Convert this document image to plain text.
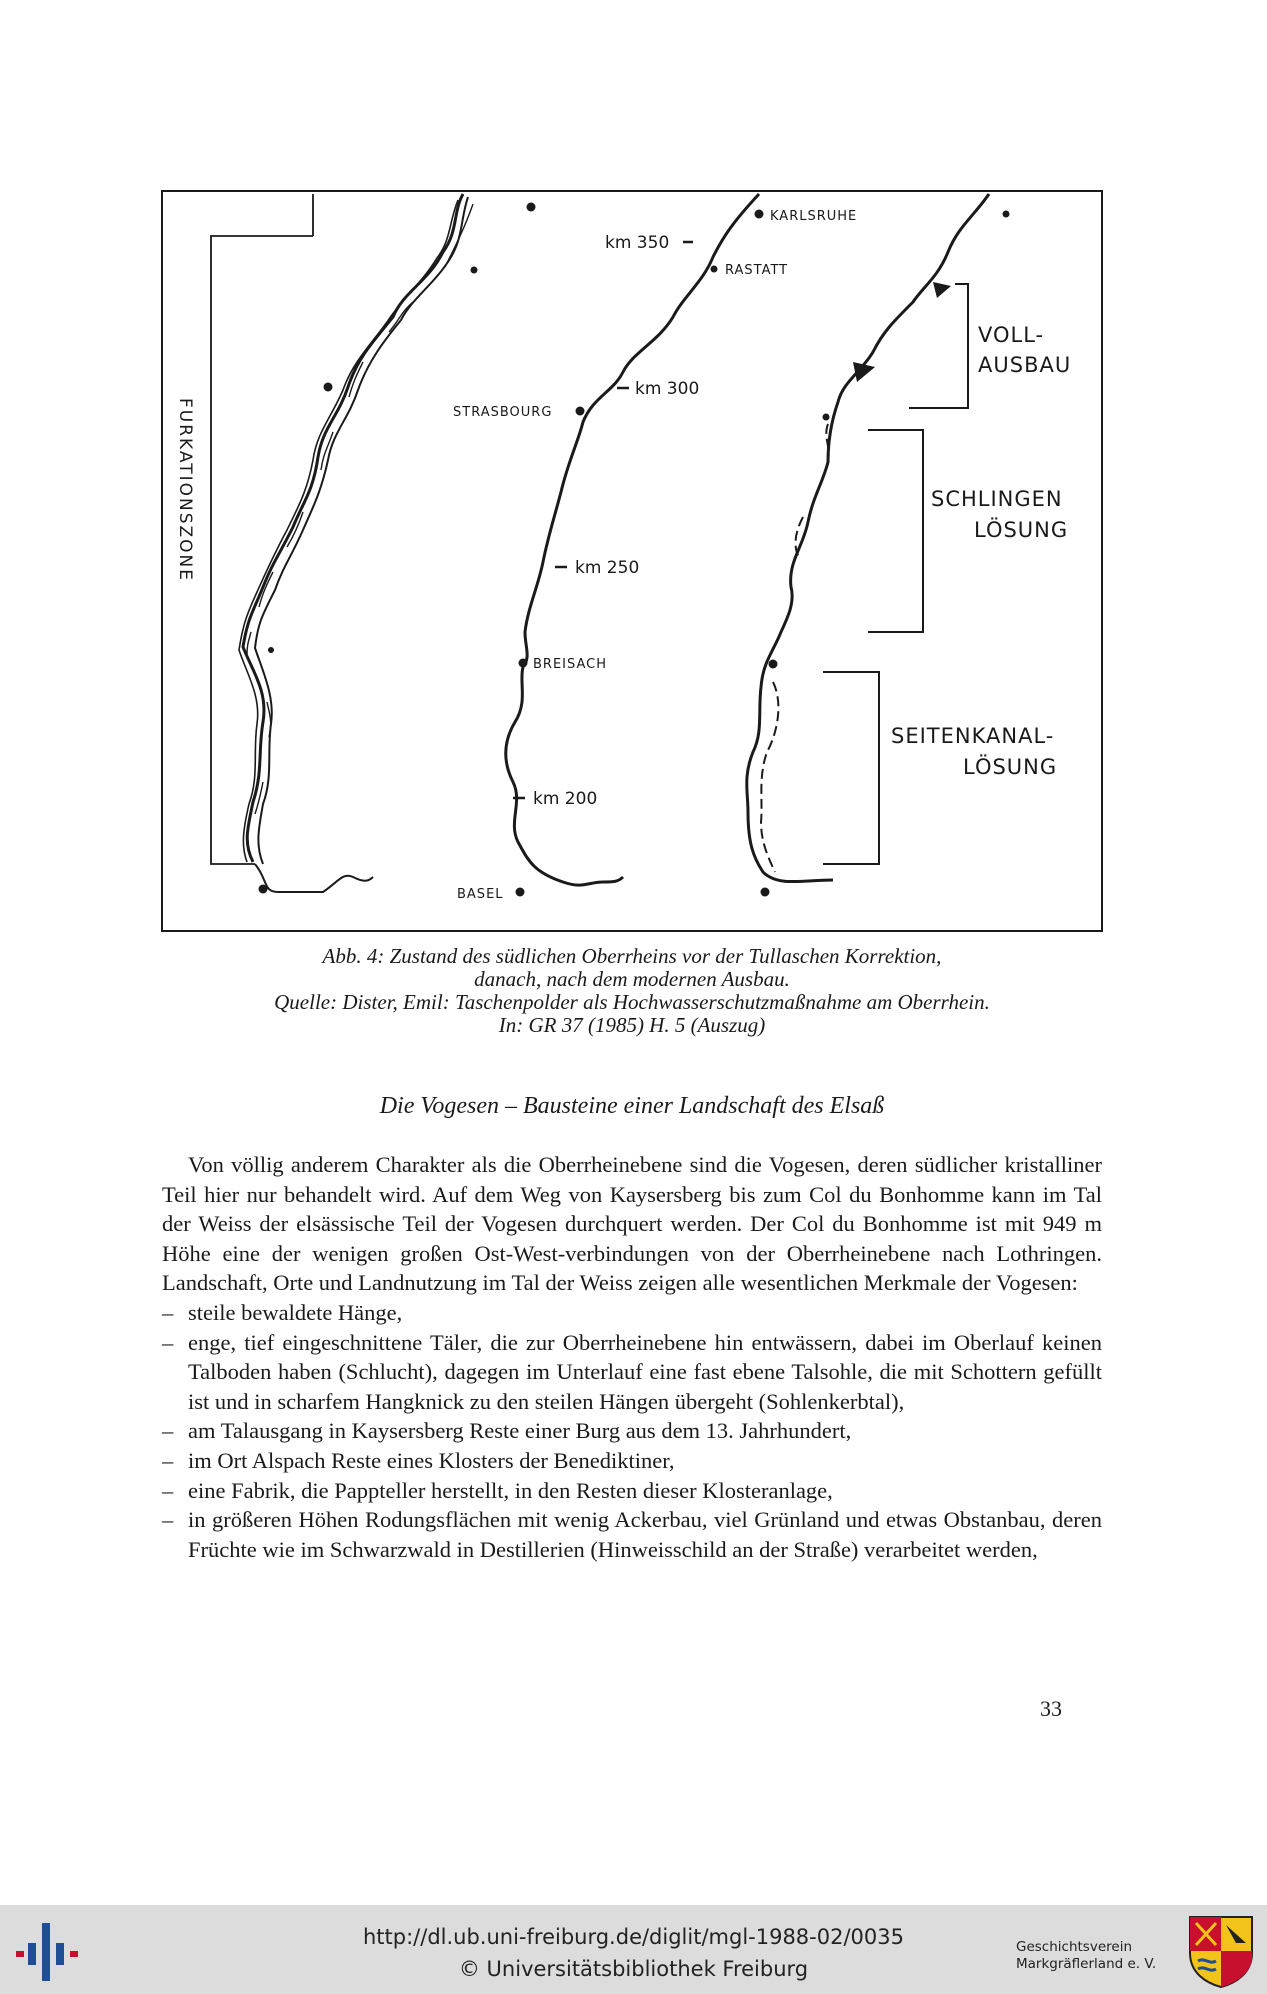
FURKATIONSZONE
km 350
km 300
km 250
km 200
KARLSRUHE
RASTATT
STRASBOURG
BREISACH
BASEL
VOLL-
AUSBAU
SCHLINGEN
LÖSUNG
SEITENKANAL-
LÖSUNG
Abb. 4: Zustand des südlichen Oberrheins vor der Tullaschen Korrektion,
danach, nach dem modernen Ausbau.
Quelle: Dister, Emil: Taschenpolder als Hochwasserschutzmaßnahme am Oberrhein.
In: GR 37 (1985) H. 5 (Auszug)
Die Vogesen – Bausteine einer Landschaft des Elsaß

Von völlig anderem Charakter als die Oberrheinebene sind die Vogesen, deren südlicher kristalliner Teil hier nur behandelt wird. Auf dem Weg von Kaysersberg bis zum Col du Bonhomme kann im Tal der Weiss der elsässische Teil der Vogesen durchquert werden. Der Col du Bonhomme ist mit 949 m Höhe eine der wenigen großen Ost-West-verbindungen von der Oberrheinebene nach Lothringen. Landschaft, Orte und Landnutzung im Tal der Weiss zeigen alle wesentlichen Merkmale der Vogesen:

– steile bewaldete Hänge,
– enge, tief eingeschnittene Täler, die zur Oberrheinebene hin entwässern, dabei im Oberlauf keinen Talboden haben (Schlucht), dagegen im Unterlauf eine fast ebene Talsohle, die mit Schottern gefüllt ist und in scharfem Hangknick zu den steilen Hängen übergeht (Sohlenkerbtal),
– am Talausgang in Kaysersberg Reste einer Burg aus dem 13. Jahrhundert,
– im Ort Alspach Reste eines Klosters der Benediktiner,
– eine Fabrik, die Pappteller herstellt, in den Resten dieser Klosteranlage,
– in größeren Höhen Rodungsflächen mit wenig Ackerbau, viel Grünland und etwas Obstanbau, deren Früchte wie im Schwarzwald in Destillerien (Hinweisschild an der Straße) verarbeitet werden,
33
http://dl.ub.uni-freiburg.de/diglit/mgl-1988-02/0035
© Universitätsbibliothek Freiburg
Geschichtsverein
Markgräflerland e. V.
